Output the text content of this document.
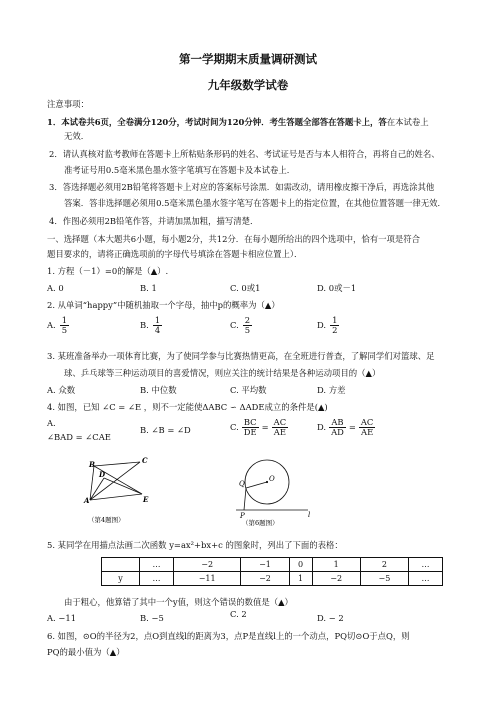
第一学期期末质量调研测试
九年级数学试卷
注意事项：
1．本试卷共6页，全卷满分120分，考试时间为120分钟．考生答题全部答在答题卡上，答在本试卷上
无效．
2．请认真核对监考教师在答题卡上所粘贴条形码的姓名、考试证号是否与本人相符合，再将自己的姓名、
准考证号用0.5毫米黑色墨水签字笔填写在答题卡及本试卷上．
3．答选择题必须用2B铅笔将答题卡上对应的答案标号涂黑．如需改动，请用橡皮擦干净后，再选涂其他
答案．答非选择题必须用0.5毫米黑色墨水签字笔写在答题卡上的指定位置，在其他位置答题一律无效．
4．作图必须用2B铅笔作答，并请加黑加粗，描写清楚．
一、选择题（本大题共6小题，每小题2分，共12分．在每小题所给出的四个选项中，恰有一项是符合
题目要求的，请将正确选项前的字母代号填涂在答题卡相应位置上）．
1. 方程（－1）=0的解是（▲）.
A. 0	B. 1	C. 0或1	D. 0或－1
2. 从单词“happy”中随机抽取一个字母，抽中p的概率为（▲）
A. $\frac{1}{5}$	B. $\frac{1}{4}$	C. $\frac{2}{5}$	D. $\frac{1}{2}$
3. 某班准备举办一项体育比赛，为了使同学参与比赛热情更高，在全班进行普查，了解同学们对篮球、足
球、乒乓球等三种运动项目的喜爱情况，则应关注的统计结果是各种运动项目的（▲）
A. 众数	B. 中位数	C. 平均数	D. 方差
4. 如图，已知 ∠C = ∠E ，则不一定能使ΔABC ∽ ΔADE成立的条件是(▲)
A.
∠BAD = ∠CAE
B. ∠B = ∠D	C. $\frac{BC}{DE} = \frac{AC}{AE}$	D. $\frac{AB}{AD} = \frac{AC}{AE}$
B	C
D
A	E
（第4题图）
Q
O
P	l
（第6题图）
5. 某同学在用描点法画二次函数 y=ax²+bx+c 的图象时，列出了下面的表格：
	…	−2	−1	0	1	2	…
y	…	−11	−2	1	−2	−5	…
由于粗心，他算错了其中一个y值，则这个错误的数值是（▲）
A. −11	B. −5	C. 2	D. − 2
6. 如图，⊙O的半径为2，点O到直线l的距离为3，点P是直线l上的一个动点，PQ切⊙O于点Q，则
PQ的最小值为（▲）
